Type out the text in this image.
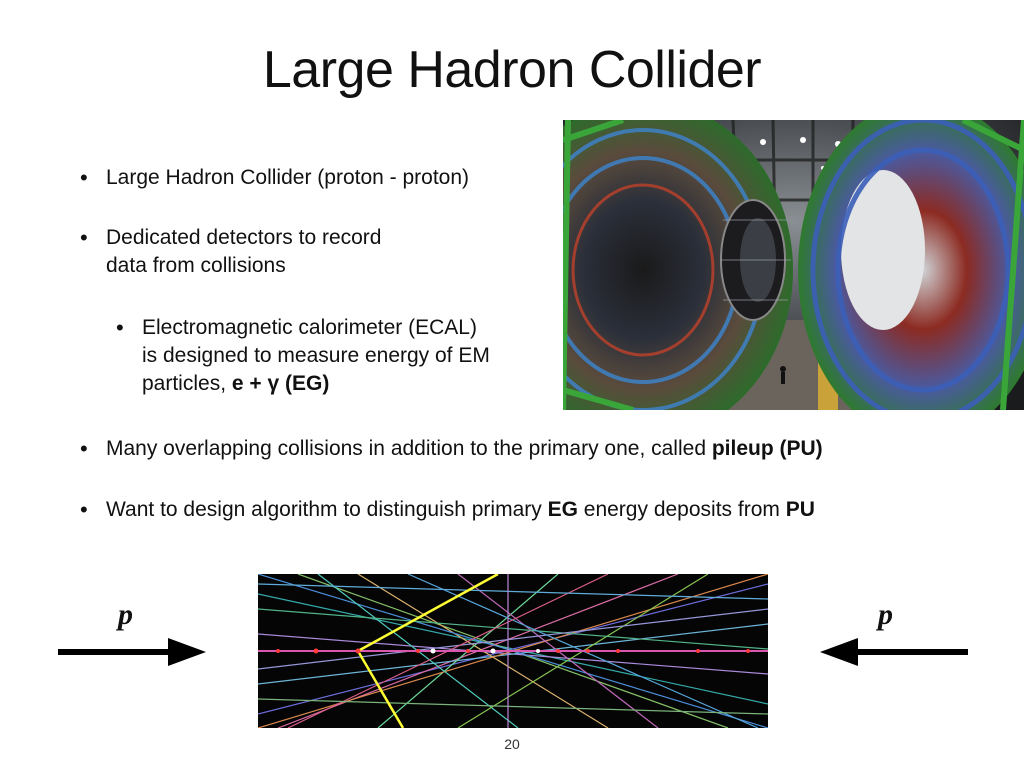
Large Hadron Collider
• Large Hadron Collider (proton - proton)
• Dedicated detectors to record
data from collisions
• Electromagnetic calorimeter (ECAL)
is designed to measure energy of EM
particles, e + γ (EG)
• Many overlapping collisions in addition to the primary one, called pileup (PU)
• Want to design algorithm to distinguish primary EG energy deposits from PU
p	p
20
